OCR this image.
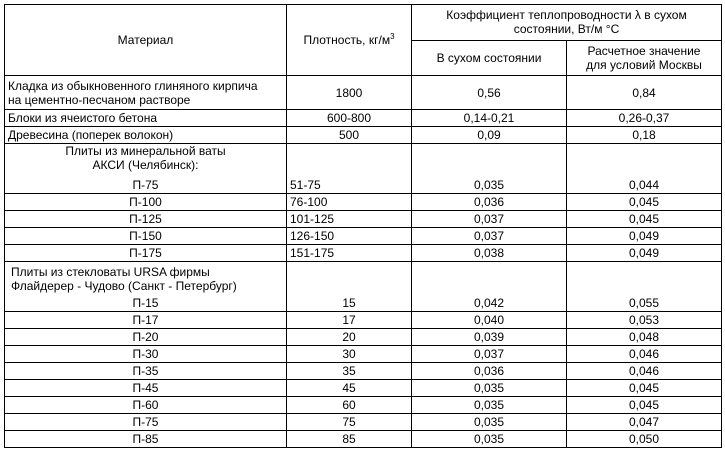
Материал	Плотность, $кг/м^3$	Коэффициент теплопроводности λ в сухом
состоянии, Вт/м °С	

		В сухом состоянии	Расчетное значение
для условий Москвы

Кладка из обыкновенного глиняного кирпича
на цементно-песчаном растворе	1800	0,56	0,84
Блоки из ячеистого бетона	600-800	0,14-0,21	0,26-0,37
Древесина (поперек волокон)	500	0,09	0,18

Плиты из минеральной ваты
АКСИ (Челябинск):			

П-75	51-75	0,035	0,044
П-100	76-100	0,036	0,045
П-125	101-125	0,037	0,045
П-150	126-150	0,037	0,049
П-175	151-175	0,038	0,049

Плиты из стекловаты URSA фирмы
Флайдерер - Чудово (Санкт - Петербург)			

П-15	15	0,042	0,055
П-17	17	0,040	0,053
П-20	20	0,039	0,048
П-30	30	0,037	0,046
П-35	35	0,036	0,046
П-45	45	0,035	0,045
П-60	60	0,035	0,045
П-75	75	0,035	0,047
П-85	85	0,035	0,050
